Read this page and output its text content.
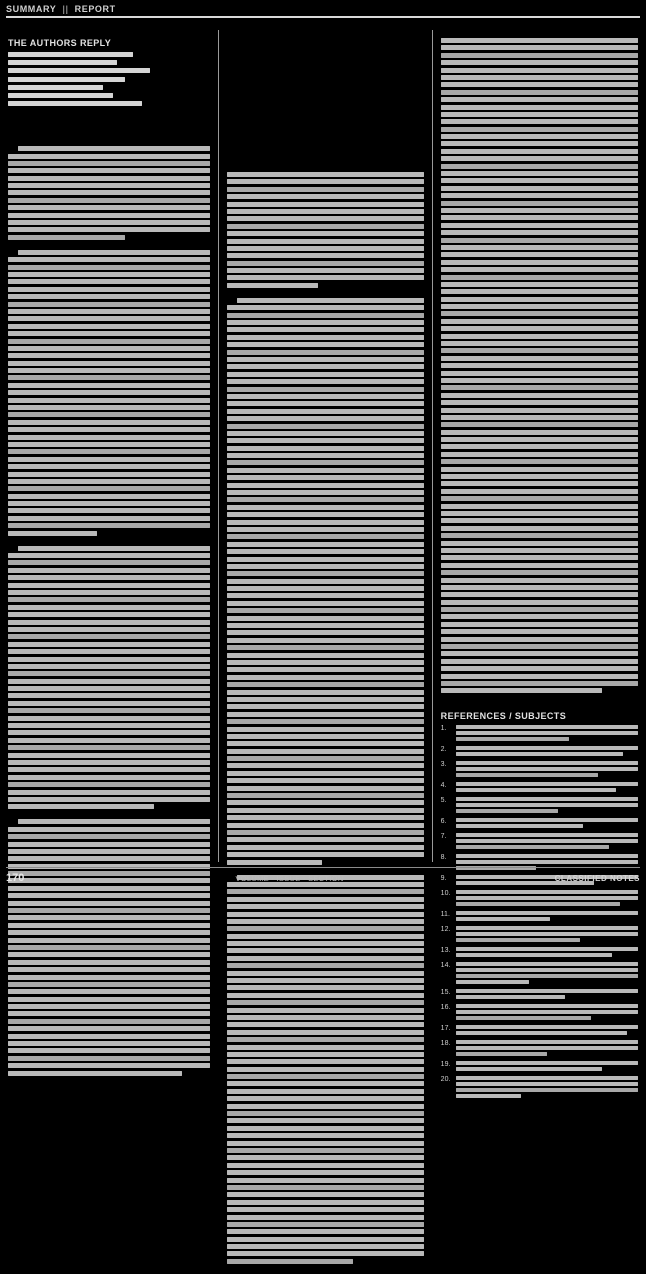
SUMMARY || REPORT
THE AUTHORS REPLY
REFERENCES / SUBJECTS
1.
2.
3.
4.
5.
6.
7.
8.
9.
10.
11.
12.
13.
14.
15.
16.
17.
18.
19.
20.
170	VOLUME · ISSUE · SECTION	CLASSIFIED NOTES
